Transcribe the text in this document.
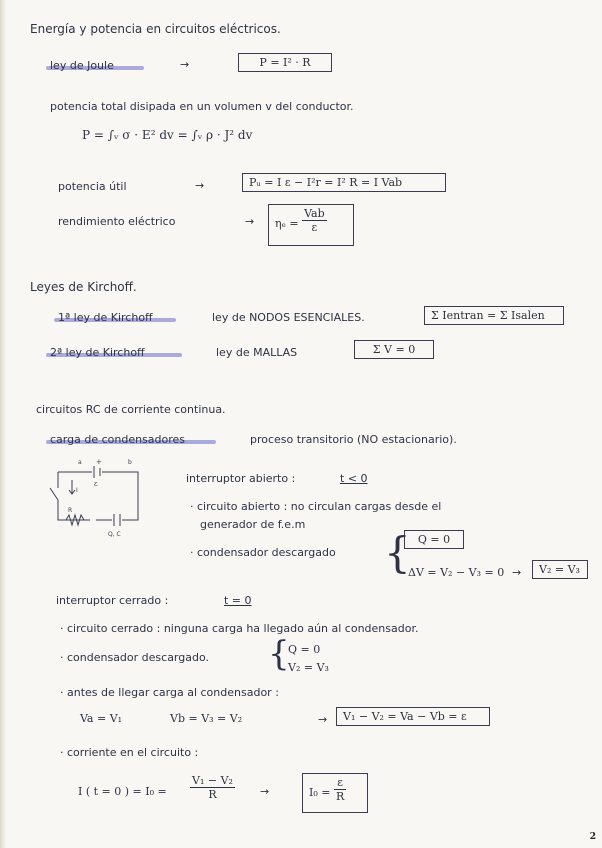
Energía y potencia en circuitos eléctricos.
ley de Joule	→	P = I² · R
potencia total disipada en un volumen v del conductor.
P = ∫ᵥ σ · E² dv = ∫ᵥ ρ · J² dv
potencia útil	→	Pᵤ = I ε − I²r = I² R = I Vab
rendimiento eléctrico	→	$\eta_e = \frac{\text{Vab}}{\varepsilon}$
Leyes de Kirchoff.
1ª ley de Kirchoff	ley de NODOS ESENCIALES.	Σ Ientran = Σ Isalen
2ª ley de Kirchoff	ley de MALLAS	Σ V = 0
circuitos RC de corriente continua.
carga de condensadores	proceso transitorio (NO estacionario).
a +	b
ε
I
R
Q, C
interruptor abierto :	t < 0
· circuito abierto : no circulan cargas desde el
generador de f.e.m
· condensador descargado { Q = 0
ΔV = V₂ − V₃ = 0 →	V₂ = V₃
interruptor cerrado :	t = 0
· circuito cerrado : ninguna carga ha llegado aún al condensador.
· condensador descargado. {
Q = 0
V₂ = V₃
· antes de llegar carga al condensador :
Va = V₁	Vb = V₃ = V₂	→	V₁ − V₂ = Va − Vb = ε
· corriente en el circuito :
I ( t = 0 ) = $I_0 = \frac{\text{V₁ − V₂}}{R}$ →	$I_0 = \frac{\varepsilon}{R}$
2
